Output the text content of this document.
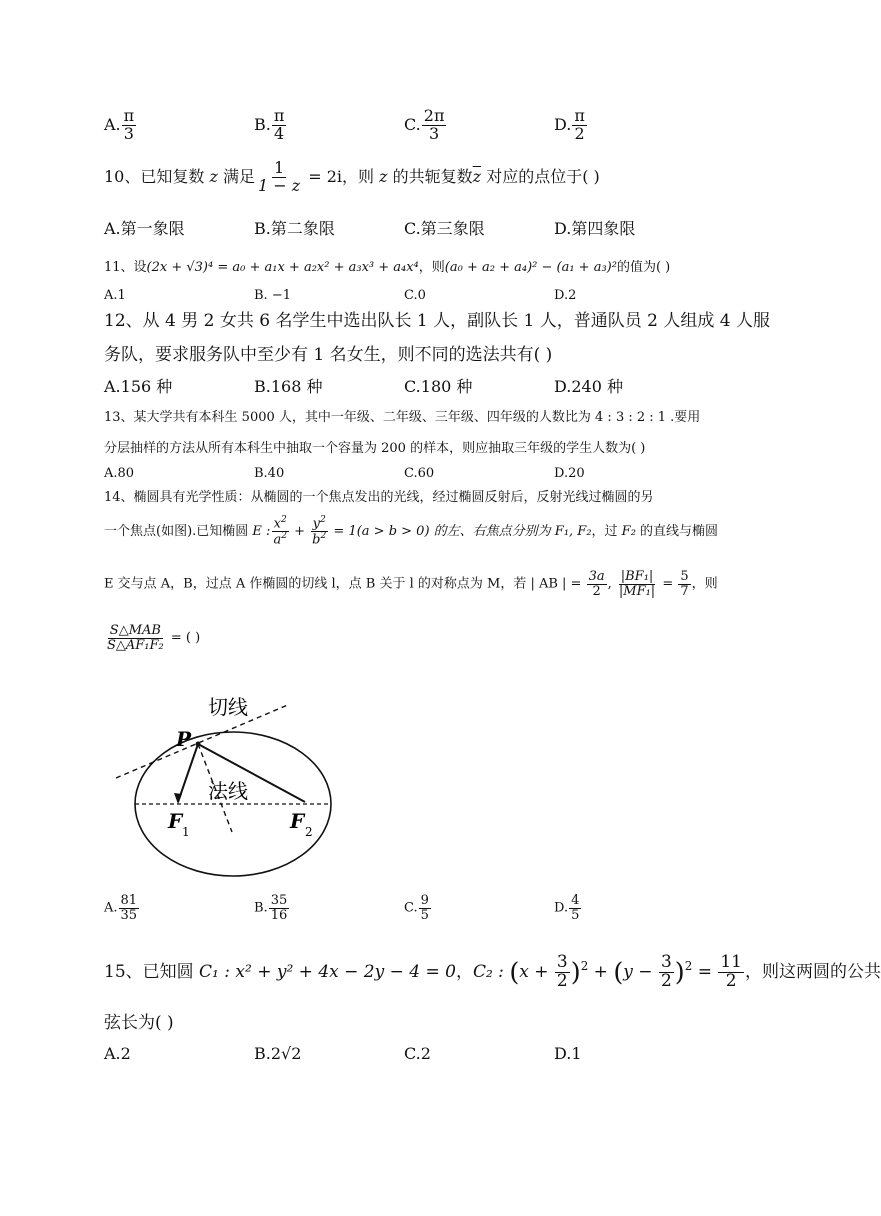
A. $\frac{\pi}{3}$	B. $\frac{\pi}{4}$	C. $\frac{2\pi}{3}$	D. $\frac{\pi}{2}$
10、已知复数 z 满足 $\frac{1}{1 - z} = 2i$，则 z 的共轭复数$\overline{z}$ 对应的点位于( )
A.第一象限	B.第二象限	C.第三象限	D.第四象限
11、设(2x + √3)⁴ = a₀ + a₁x + a₂x² + a₃x³ + a₄x⁴，则(a₀ + a₂ + a₄)² − (a₁ + a₃)²的值为( )
A.1	B. −1	C.0	D.2
12、从 4 男 2 女共 6 名学生中选出队长 1 人，副队长 1 人，普通队员 2 人组成 4 人服
务队，要求服务队中至少有 1 名女生，则不同的选法共有( )
A.156 种	B.168 种	C.180 种	D.240 种
13、某大学共有本科生 5000 人，其中一年级、二年级、三年级、四年级的人数比为 4 : 3 : 2 : 1 .要用
分层抽样的方法从所有本科生中抽取一个容量为 200 的样本，则应抽取三年级的学生人数为( )
A.80	B.40	C.60	D.20
14、椭圆具有光学性质：从椭圆的一个焦点发出的光线，经过椭圆反射后，反射光线过椭圆的另
一个焦点(如图).已知椭圆 E : $\frac{x^2}{a^2} + \frac{y^2}{b^2} = 1(a > b > 0)$ 的左、右焦点分别为 F₁, F₂，过 F₂ 的直线与椭圆
E 交与点 A，B，过点 A 作椭圆的切线 l，点 B 关于 l 的对称点为 M，若 | AB | = $\frac{3a}{2}$ , $\frac{\text{|BF₁|}}{\text{|MF₁|}} = \frac{5}{7}$ ，则
$\frac{\text{S△MAB}}{\text{S△AF₁F₂}}$ = ( )
切线
法线
P
F 1	F 2
A. $\frac{81}{35}$	B. $\frac{35}{16}$	C. $\frac{9}{5}$	D. $\frac{4}{5}$
15、已知圆 C₁ : x² + y² + 4x − 2y − 4 = 0，C₂ : $(x + \frac{3}{2} )^2 + (y - \frac{3}{2} )^2 = \frac{11}{2}$ ，则这两圆的公共
弦长为( )
A.2	B.2√2	C.2	D.1
